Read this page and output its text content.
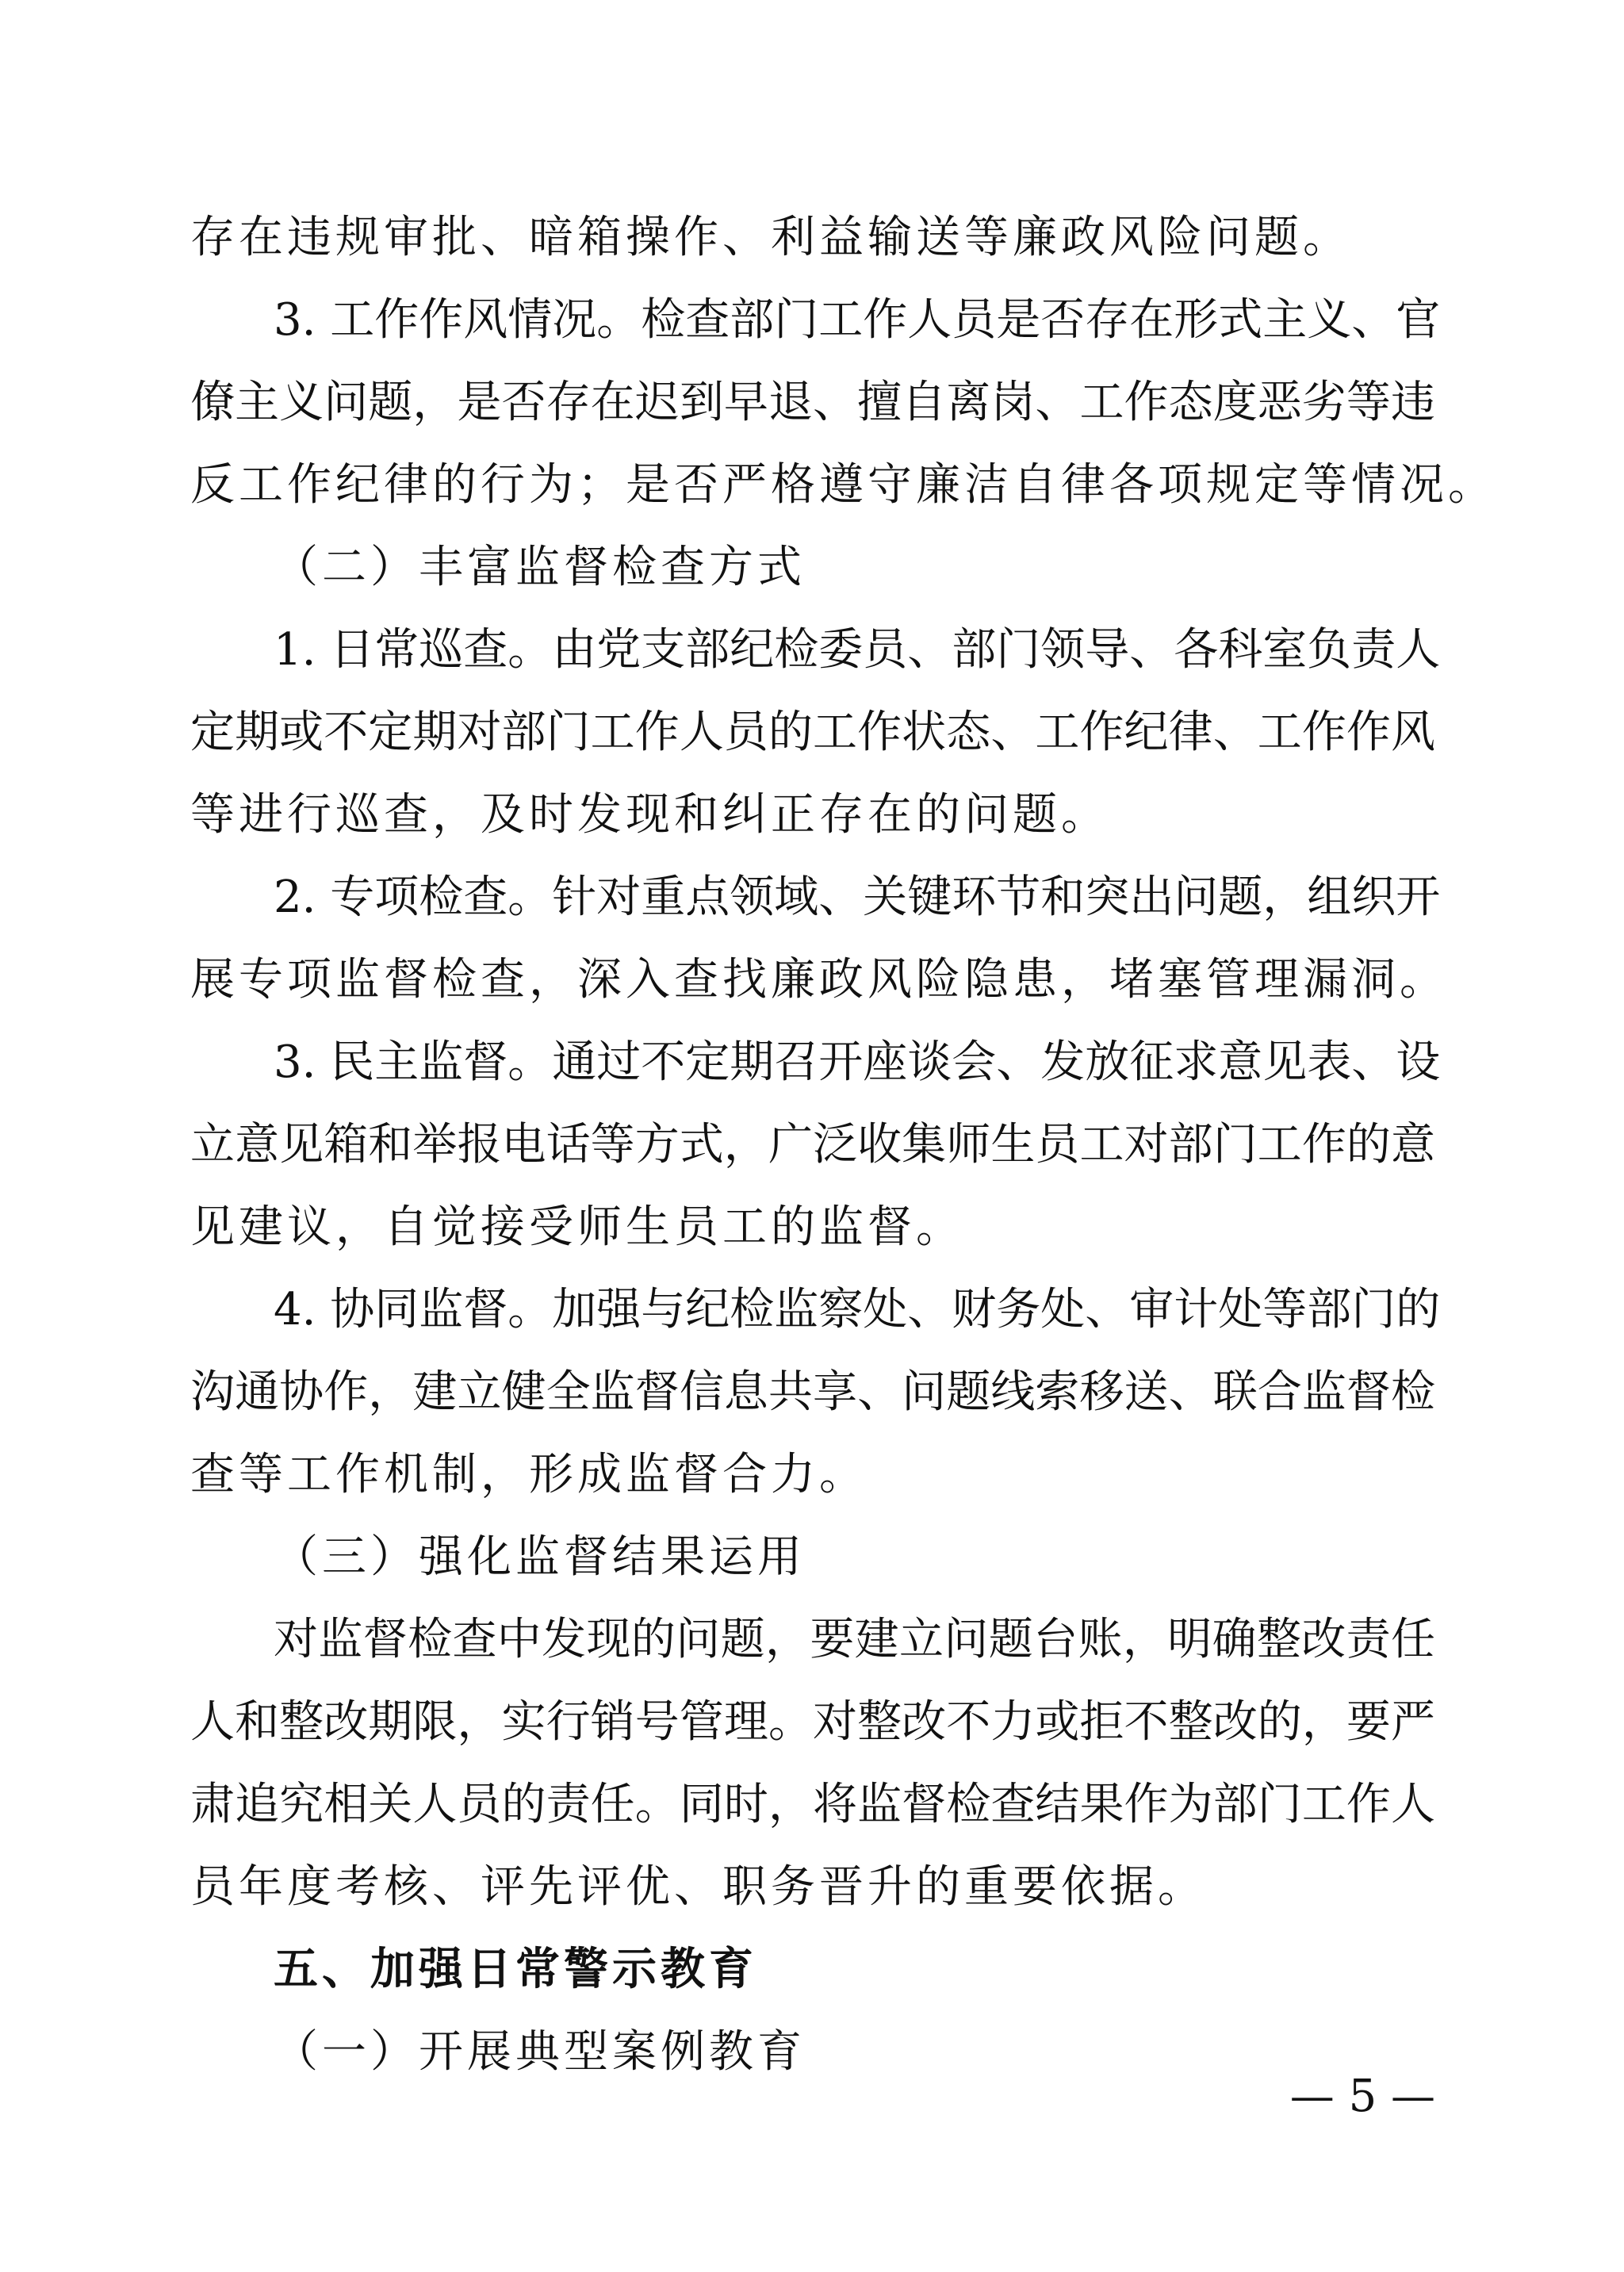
存在违规审批、暗箱操作、利益输送等廉政风险问题。
3. 工作作风情况。检查部门工作人员是否存在形式主义、官
僚主义问题，是否存在迟到早退、擅自离岗、工作态度恶劣等违
反工作纪律的行为；是否严格遵守廉洁自律各项规定等情况。
（二）丰富监督检查方式
1. 日常巡查。由党支部纪检委员、部门领导、各科室负责人
定期或不定期对部门工作人员的工作状态、工作纪律、工作作风
等进行巡查，及时发现和纠正存在的问题。
2. 专项检查。针对重点领域、关键环节和突出问题，组织开
展专项监督检查，深入查找廉政风险隐患，堵塞管理漏洞。
3. 民主监督。通过不定期召开座谈会、发放征求意见表、设
立意见箱和举报电话等方式，广泛收集师生员工对部门工作的意
见建议，自觉接受师生员工的监督。
4. 协同监督。加强与纪检监察处、财务处、审计处等部门的
沟通协作，建立健全监督信息共享、问题线索移送、联合监督检
查等工作机制，形成监督合力。
（三）强化监督结果运用
对监督检查中发现的问题，要建立问题台账，明确整改责任
人和整改期限，实行销号管理。对整改不力或拒不整改的，要严
肃追究相关人员的责任。同时，将监督检查结果作为部门工作人
员年度考核、评先评优、职务晋升的重要依据。
五、加强日常警示教育
（一）开展典型案例教育
— 5 —
